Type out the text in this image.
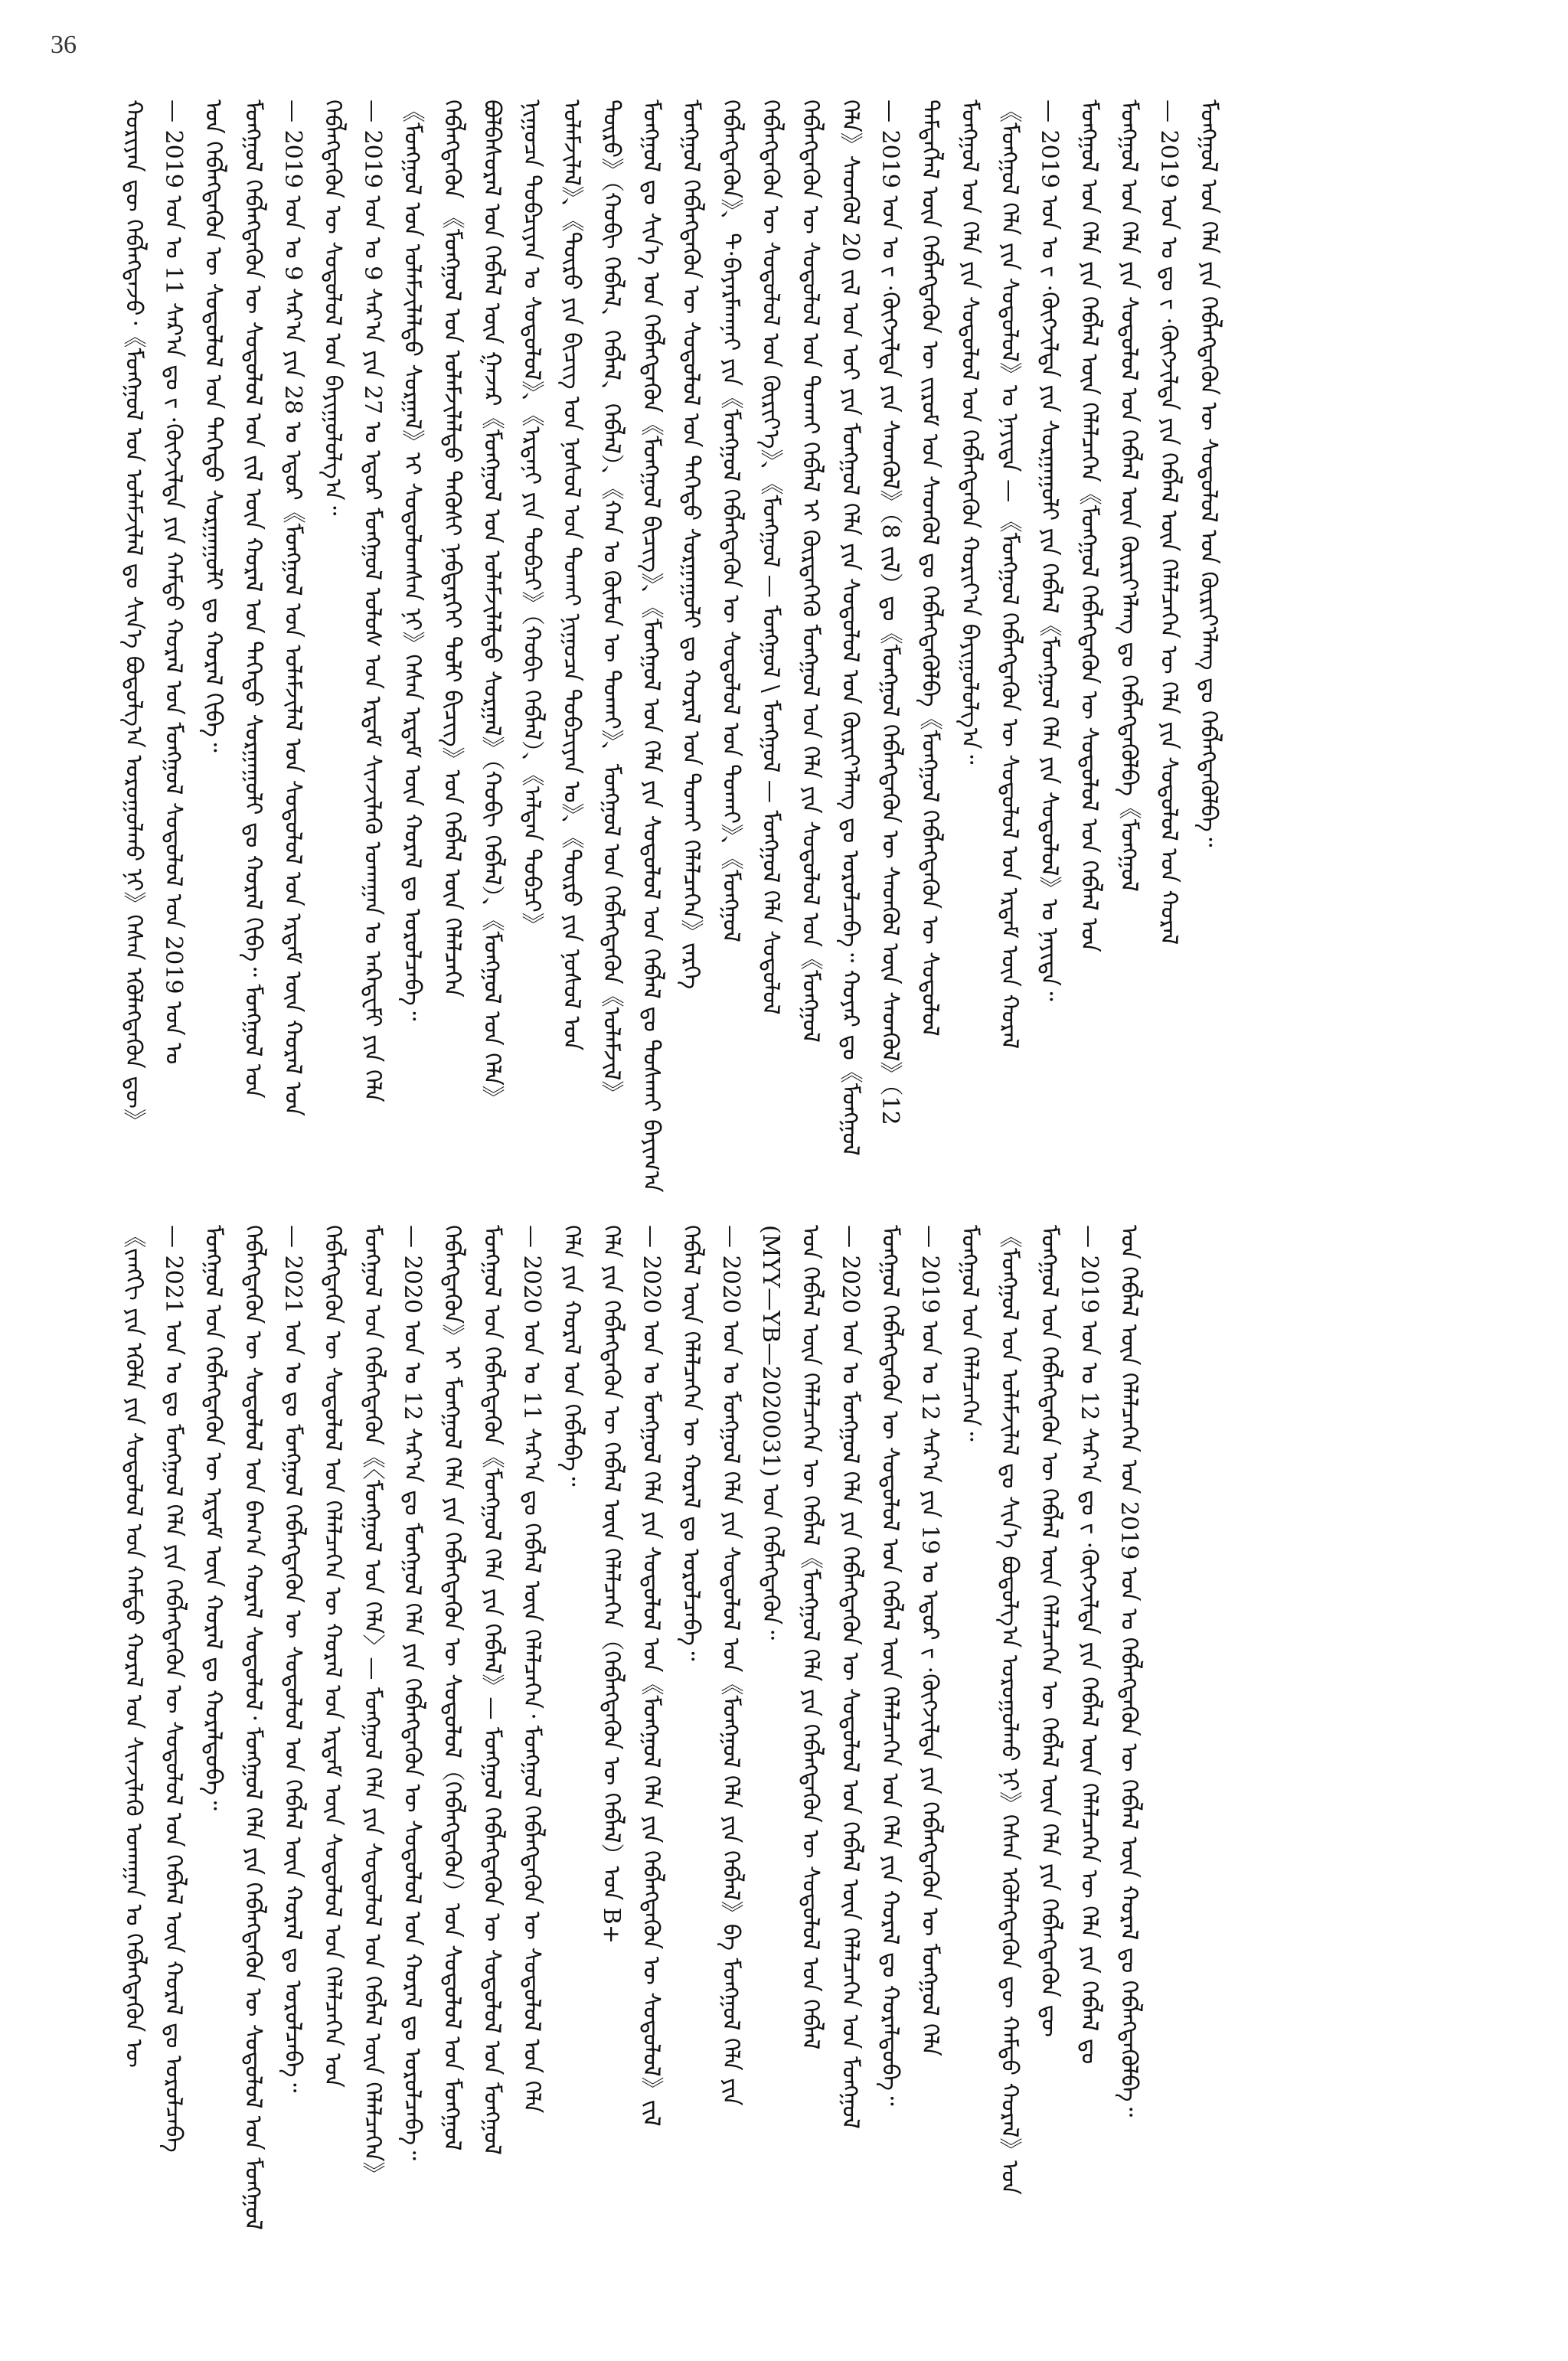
36
ᠬᠤᠷᠢᠶᠠᠨ ᠳᠦ ᠬᠡᠪᠯᠡᠭᠳᠡᠵᠦ᠂《ᠮᠣᠩᠭᠣᠯ ᠤᠨ ᠤᠯᠠᠮᠵᠢᠯᠠᠯ ᠳᠤ ᠰᠢᠨ᠎ᠡ ᠪᠣᠳᠣᠯᠭ᠎ᠠ ᠣᠷᠤᠭᠤᠯᠬᠤ ᠨᠢ》ᠭᠡᠰᠡᠨ ᠡᠭᠦᠯᠡᠭᠳᠡᠬᠦᠨ ᠳᠦ》 — 2019 ᠣᠨ ᠤ 11 ᠰᠠᠷ᠎ᠠ ᠳᠤ ᠶ᠋ ·ᠬᠥᠭᠵᠢᠯᠲᠡ ᠶᠢᠨ ᠬᠠᠮᠲᠤ ᠬᠤᠷᠠᠯ ᠤᠨ ᠮᠣᠩᠭᠣᠯ ᠰᠤᠳᠤᠯᠤᠯ ᠤᠨ 2019 ᠣᠨ ᠤ ᠤᠨ ᠬᠡᠪᠯᠡᠭᠳᠡᠬᠦᠨ ᠦ ᠰᠤᠳᠤᠯᠤᠯ ᠤᠨ ᠳᠡᠭᠡᠳᠦ ᠰᠤᠷᠭᠠᠭᠤᠯᠢ ᠳᠤ ᠬᠤᠷᠠᠯ ᠬᠢᠪᠡ᠃ ᠮᠣᠩᠭᠣᠯ ᠬᠡᠪᠯᠡᠭᠳᠡᠬᠦᠨ ᠦ ᠰᠤᠳᠤᠯᠤᠯ ᠤᠨ ᠵᠢᠯ ᠦᠨ ᠬᠤᠷᠠᠯ ᠤᠨ ᠳᠡᠭᠡᠳᠦ ᠰᠤᠷᠭᠠᠭᠤᠯᠢ ᠳᠤ ᠬᠤᠷᠠᠯ ᠬᠢᠪᠡ᠃ ᠮᠣᠩᠭᠣᠯ ᠤᠨ — 2019 ᠣᠨ ᠤ 9 ᠰᠠᠷ᠎ᠠ ᠶᠢᠨ 28 ᠤ ᠡᠳᠦᠷ《ᠮᠣᠩᠭᠣᠯ ᠤᠨ ᠤᠯᠠᠮᠵᠢᠯᠠᠯ ᠤᠨ ᠰᠤᠳᠤᠯᠤᠯ ᠤᠨ ᠡᠷᠳᠡᠮ ᠦᠨ ᠬᠤᠷᠠᠯ ᠤᠨ ᠬᠡᠪᠯᠡᠭᠳᠡᠬᠦᠨ ᠦ ᠰᠤᠳᠤᠯᠤᠯ ᠤᠨ ᠪᠠᠶᠢᠭᠤᠯᠤᠯᠭ᠎ᠠ᠃ — 2019 ᠣᠨ ᠤ 9 ᠰᠠᠷ᠎ᠠ ᠶᠢᠨ 27 ᠤ ᠡᠳᠦᠷ ᠮᠣᠩᠭᠣᠯ ᠤᠯᠤᠰ ᠤᠨ ᠡᠷᠳᠡᠮ ᠰᠢᠨᠵᠢᠯᠡᠬᠦ ᠤᠬᠠᠭᠠᠨ ᠤ ᠠᠺᠠᠳᠧᠮᠢ ᠶᠢᠨ ᠬᠡᠯᠡ 《ᠮᠣᠩᠭᠣᠯ ᠤᠨ ᠤᠯᠠᠮᠵᠢᠯᠠᠯᠲᠤ ᠰᠤᠷᠭᠠᠯ》ᠢ ᠰᠤᠳᠤᠯᠤᠭᠰᠠᠨ ᠨᠢ》ᠭᠡᠰᠡᠨ ᠡᠷᠳᠡᠮ ᠦᠨ ᠬᠤᠷᠠᠯ ᠳᠤ ᠣᠷᠤᠯᠴᠠᠪᠠ᠃ ᠬᠡᠪᠯᠡᠭᠳᠡᠬᠦᠨ 《ᠮᠣᠩᠭᠣᠯ ᠤᠨ ᠤᠯᠠᠮᠵᠢᠯᠠᠯᠲᠤ ᠲᠡᠭᠦᠰᠢ ᠨᠡᠪᠲᠡᠷᠬᠡᠢ ᠲᠣᠯᠢ ᠪᠢᠴᠢᠭ》ᠤᠨ ᠬᠡᠪᠯᠡᠯ ᠦᠨ ᠬᠡᠯᠡᠯᠴᠡᠭᠡᠨ ᠪᠣᠯᠪᠠᠰᠤᠷᠠᠯ ᠤᠨ ᠬᠡᠪᠯᠡᠯ ᠦᠨ ᠭᠠᠵᠠᠷ《ᠮᠣᠩᠭᠣᠯ ᠤᠨ ᠤᠯᠠᠮᠵᠢᠯᠠᠯᠲᠤ ᠰᠤᠷᠭᠠᠯ》（ᠬᠤᠪᠢ ᠬᠡᠪᠯᠡᠯ）、《ᠮᠣᠩᠭᠣᠯ ᠤᠨ ᠬᠡᠯᠡ》 ᠨᠢᠭᠤᠴᠠ ᠲᠣᠪᠴᠢᠶᠠᠨ ᠤ ᠰᠤᠳᠤᠯᠤᠯ》、《ᠡᠷᠳᠡᠨᠢ ᠶᠢᠨ ᠲᠣᠪᠴᠢ》（ᠬᠤᠪᠢ ᠬᠡᠪᠯᠡᠯ）、《ᠠᠯᠲᠠᠨ ᠲᠣᠪᠴᠢ》 ᠤᠯᠠᠮᠵᠢᠯᠠᠯ》、《ᠲᠦᠷᠦ ᠶᠢᠨ ᠪᠢᠴᠢᠭ ᠤᠨ ᠨᠤᠰᠤᠯ ᠤᠨ ᠲᠤᠬᠠᠢ ᠨᠢᠭᠤᠴᠠ ᠲᠣᠪᠴᠢᠶᠠᠨ ᠤ》、《ᠲᠦᠷᠦ ᠶᠢᠨ ᠨᠤᠰᠤᠯ ᠤᠨ ᠲᠦᠷᠦ》（ᠬᠤᠪᠢ ᠬᠡᠪᠯᠡᠯ、ᠬᠡᠪᠯᠡᠯ、ᠬᠡᠪᠯᠡᠯ）、《ᠬᠠᠨ ᠤ ᠬᠦᠮᠦᠨ ᠦ ᠲᠤᠬᠠᠢ》、ᠮᠣᠩᠭᠣᠯ ᠤᠨ ᠬᠡᠪᠯᠡᠭᠳᠡᠬᠦᠨ《ᠤᠯᠠᠮᠵᠢᠯ》 ᠮᠣᠩᠭᠣᠯ ᠳᠤ ᠰᠢᠨ᠎ᠡ ᠤᠨ ᠬᠡᠪᠯᠡᠭᠳᠡᠬᠦᠨ《ᠮᠣᠩᠭᠣᠯ ᠪᠢᠴᠢᠭ》、《ᠮᠣᠩᠭᠣᠯ ᠤᠨ ᠬᠡᠯᠡ ᠶᠢᠨ ᠰᠤᠳᠤᠯᠤᠯ ᠤᠨ ᠬᠡᠪᠯᠡᠯ ᠳᠤ ᠲᠤᠰᠬᠠᠢ ᠪᠠᠶᠢᠭ᠎ᠠ ᠮᠣᠩᠭᠣᠯ ᠬᠡᠪᠯᠡᠭᠳᠡᠬᠦᠨ ᠦ ᠰᠤᠳᠤᠯᠤᠯ ᠤᠨ ᠳᠡᠭᠡᠳᠦ ᠰᠤᠷᠭᠠᠭᠤᠯᠢ ᠳᠤ ᠬᠤᠷᠠᠯ ᠤᠨ ᠲᠤᠬᠠᠢ ᠬᠡᠯᠡᠯᠴᠡᠭᠡᠨ》ᠵᠡᠷᠭᠡ ᠬᠡᠪᠯᠡᠭᠳᠡᠬᠦᠨ》、ᠲ·ᠪᠠᠶᠠᠷᠮᠠᠭᠨᠠᠢ ᠶᠢᠨ《ᠮᠣᠩᠭᠣᠯ ᠬᠡᠪᠯᠡᠭᠳᠡᠬᠦᠨ ᠦ ᠰᠤᠳᠤᠯᠤᠯ ᠤᠨ ᠲᠤᠬᠠᠢ》、《ᠮᠣᠩᠭᠣᠯ ᠬᠡᠪᠯᠡᠭᠳᠡᠬᠦᠨ ᠦ ᠰᠤᠳᠤᠯᠤᠯ ᠤᠨ ᠬᠦᠷᠢᠶ᠎ᠡ》、《ᠮᠣᠩᠭᠣᠯ — ᠮᠣᠩᠭᠣᠯ \ ᠮᠣᠩᠭᠣᠯ — ᠮᠣᠩᠭᠣᠯ ᠬᠡᠯᠡ ᠰᠤᠳᠤᠯᠤᠯ ᠬᠡᠪᠯᠡᠭᠳᠡᠬᠦᠨ ᠦ ᠰᠤᠳᠤᠯᠤᠯ ᠤᠨ ᠲᠤᠬᠠᠢ ᠬᠡᠪᠯᠡᠯ ᠢ ᠬᠦᠷᠳᠡᠭᠡᠬᠦ ᠮᠣᠩᠭᠣᠯ ᠤᠨ ᠬᠡᠯᠡ ᠶᠢᠨ ᠰᠤᠳᠤᠯᠤᠯ ᠤᠨ《ᠮᠣᠩᠭᠣᠯ ᠬᠡᠯᠡ》ᠰᠡᠳᠬᠦᠯ 20 ᠵᠢᠯ ᠤᠨ ᠣᠢ ᠶᠢᠨ ᠮᠣᠩᠭᠣᠯ ᠬᠡᠯᠡ ᠶᠢᠨ ᠰᠤᠳᠤᠯᠤᠯ ᠤᠨ ᠬᠦᠷᠢᠶ᠎ᠡᠯᠡᠩ ᠳᠤ ᠣᠷᠤᠯᠴᠠᠪᠠ᠃ ᠬᠣᠶᠠᠷ ᠳᠤ《ᠮᠣᠩᠭᠣᠯ — 2019 ᠣᠨ ᠤ ᠶ᠋ ·ᠬᠥᠭᠵᠢᠯᠲᠡ ᠶᠢᠨ ᠰᠡᠳᠬᠦᠯ》（8 ᠵᠢᠯ）ᠳᠤ《ᠮᠣᠩᠭᠣᠯ ᠬᠡᠪᠯᠡᠭᠳᠡᠬᠦᠨ ᠦ ᠰᠡᠳᠬᠦᠯ ᠦᠨ ᠰᠡᠳᠬᠦᠯ》（12 ᠲᠡᠮᠳᠡᠭᠯᠡᠯ ᠦᠨ ᠬᠡᠪᠯᠡᠭᠳᠡᠬᠦᠨ ᠦ ᠵᠢᠷᠤᠮ ᠤᠨ ᠰᠡᠳᠬᠦᠯ ᠳᠤ ᠬᠡᠪᠯᠡᠭᠳᠡᠭᠦᠯᠪᠡ《ᠮᠣᠩᠭᠣᠯ ᠬᠡᠪᠯᠡᠭᠳᠡᠬᠦᠨ ᠦ ᠰᠤᠳᠤᠯᠤᠯ ᠮᠣᠩᠭᠣᠯ ᠤᠨ ᠬᠡᠯᠡ ᠶᠢᠨ ᠰᠤᠳᠤᠯᠤᠯ ᠤᠨ ᠬᠡᠪᠯᠡᠭᠳᠡᠬᠦᠨ ᠬᠣᠷᠢᠶ᠎ᠠ ᠪᠠᠶᠢᠭᠤᠯᠤᠯᠭ᠎ᠠ᠃ 《ᠮᠣᠩᠭᠣᠯ ᠬᠡᠯᠡ ᠶᠢᠨ ᠰᠤᠳᠤᠯᠤᠯ》ᠤ ᠨᠡᠶᠢᠲᠡ — 《ᠮᠣᠩᠭᠣᠯ ᠬᠡᠪᠯᠡᠭᠳᠡᠬᠦᠨ ᠦ ᠰᠤᠳᠤᠯᠤᠯ ᠤᠨ ᠡᠷᠳᠡᠮ ᠦᠨ ᠬᠤᠷᠠᠯ — 2019 ᠣᠨ ᠤ ᠶ᠋ ·ᠬᠥᠭᠵᠢᠯᠲᠡ ᠶᠢᠨ ᠰᠤᠷᠭᠠᠭᠤᠯᠢ ᠶᠢᠨ ᠬᠡᠪᠯᠡᠯ《ᠮᠣᠩᠭᠣᠯ ᠬᠡᠯᠡ ᠶᠢᠨ ᠰᠤᠳᠤᠯᠤᠯ》ᠤ ᠨᠡᠶᠢᠲᠡ᠃ ᠮᠣᠩᠭᠣᠯ ᠤᠨ ᠬᠡᠯᠡ ᠶᠢᠨ ᠬᠡᠪᠯᠡᠯ ᠦᠨ ᠬᠡᠯᠡᠯᠴᠡᠭᠡᠨ《ᠮᠣᠩᠭᠣᠯ ᠬᠡᠪᠯᠡᠭᠳᠡᠬᠦᠨ ᠦ ᠰᠤᠳᠤᠯᠤᠯ ᠤᠨ ᠬᠡᠪᠯᠡᠯ ᠤᠨ ᠮᠣᠩᠭᠣᠯ ᠤᠨ ᠬᠡᠯᠡ ᠶᠢᠨ ᠰᠤᠳᠤᠯᠤᠯ ᠤᠨ ᠬᠡᠪᠯᠡᠯ ᠦᠨ ᠬᠦᠷᠢᠶ᠎ᠡᠯᠡᠩ ᠳᠤ ᠬᠡᠪᠯᠡᠭᠳᠡᠭᠦᠯᠪᠡ《ᠮᠣᠩᠭᠣᠯ — 2019 ᠣᠨ ᠤ ᠳᠤ ᠶ᠋ ·ᠬᠥᠭᠵᠢᠯᠲᠡ ᠶᠢᠨ ᠬᠡᠪᠯᠡᠯ ᠦᠨ ᠬᠡᠯᠡᠯᠴᠡᠭᠡᠨ ᠦ ᠬᠡᠯᠡ ᠶᠢᠨ ᠰᠤᠳᠤᠯᠤᠯ ᠤᠨ ᠬᠤᠷᠠᠯ ᠮᠣᠩᠭᠣᠯ ᠤᠨ ᠬᠡᠯᠡ ᠶᠢᠨ ᠬᠡᠪᠯᠡᠭᠳᠡᠬᠦᠨ ᠦ ᠰᠤᠳᠤᠯᠤᠯ ᠤᠨ ᠬᠦᠷᠢᠶ᠎ᠡᠯᠡᠩ ᠳᠤ ᠬᠡᠪᠯᠡᠭᠳᠡᠭᠦᠯᠪᠡ᠃
《ᠵᠠᠩᠭᠢ ᠶᠢᠨ ᠡᠭᠦᠯᠡ ᠶᠢᠨ ᠰᠤᠳᠤᠯᠤᠯ ᠤᠨ ᠬᠠᠮᠲᠤ ᠬᠤᠷᠠᠯ ᠤᠨ ᠰᠢᠨᠵᠢᠯᠡᠬᠦ ᠤᠬᠠᠭᠠᠨ ᠤ ᠬᠡᠪᠯᠡᠭᠳᠡᠬᠦᠨ ᠦ — 2021 ᠣᠨ ᠤ ᠳᠤ ᠮᠣᠩᠭᠣᠯ ᠬᠡᠯᠡ ᠶᠢᠨ ᠬᠡᠪᠯᠡᠭᠳᠡᠬᠦᠨ ᠦ ᠰᠤᠳᠤᠯᠤᠯ ᠤᠨ ᠬᠡᠪᠯᠡᠯ ᠦᠨ ᠬᠤᠷᠠᠯ ᠳᠤ ᠣᠷᠤᠯᠴᠠᠪᠠ ᠮᠣᠩᠭᠣᠯ ᠤᠨ ᠬᠡᠪᠯᠡᠭᠳᠡᠬᠦᠨ ᠦ ᠡᠷᠳᠡᠮ ᠦᠨ ᠬᠤᠷᠠᠯ ᠳᠤ ᠬᠤᠷᠠᠯᠳᠤᠪᠠ᠃ ᠬᠡᠪᠯᠡᠭᠳᠡᠬᠦᠨ ᠦ ᠰᠤᠳᠤᠯᠤᠯ ᠤᠨ ᠪᠠᠭ᠎ᠠ ᠬᠤᠷᠠᠯ ᠰᠤᠳᠤᠯᠤᠯ᠂ ᠮᠣᠩᠭᠣᠯ ᠬᠡᠯᠡ ᠶᠢᠨ ᠬᠡᠪᠯᠡᠭᠳᠡᠬᠦᠨ ᠦ ᠰᠤᠳᠤᠯᠤᠯ ᠤᠨ ᠮᠣᠩᠭᠣᠯ — 2021 ᠣᠨ ᠤ ᠳᠤ ᠮᠣᠩᠭᠣᠯ ᠬᠡᠪᠯᠡᠭᠳᠡᠬᠦᠨ ᠦ ᠰᠤᠳᠤᠯᠤᠯ ᠤᠨ ᠬᠡᠪᠯᠡᠯ ᠦᠨ ᠬᠤᠷᠠᠯ ᠳᠤ ᠣᠷᠤᠯᠴᠠᠪᠠ᠃ ᠬᠡᠪᠯᠡᠭᠳᠡᠬᠦᠨ ᠦ ᠰᠤᠳᠤᠯᠤᠯ ᠤᠨ ᠬᠡᠯᠡᠯᠴᠡᠭᠡᠨ ᠦ ᠬᠤᠷᠠᠯ ᠤᠨ ᠡᠷᠳᠡᠮ ᠦᠨ ᠰᠤᠳᠤᠯᠤᠯ ᠤᠨ ᠬᠡᠯᠡᠯᠴᠡᠭᠡᠨ ᠤᠨ ᠮᠣᠩᠭᠣᠯ ᠤᠨ ᠬᠡᠪᠯᠡᠭᠳᠡᠬᠦᠨ《〈ᠮᠣᠩᠭᠣᠯ ᠤᠨ ᠬᠡᠯᠡ〉— ᠮᠣᠩᠭᠣᠯ ᠬᠡᠯᠡ ᠶᠢᠨ ᠰᠤᠳᠤᠯᠤᠯ ᠤᠨ ᠬᠡᠪᠯᠡᠯ ᠦᠨ ᠬᠡᠯᠡᠯᠴᠡᠭᠡᠨ》 — 2020 ᠣᠨ ᠤ 12 ᠰᠠᠷ᠎ᠠ ᠳᠤ ᠮᠣᠩᠭᠣᠯ ᠬᠡᠯᠡ ᠶᠢᠨ ᠬᠡᠪᠯᠡᠭᠳᠡᠬᠦᠨ ᠦ ᠰᠤᠳᠤᠯᠤᠯ ᠤᠨ ᠬᠤᠷᠠᠯ ᠳᠤ ᠣᠷᠤᠯᠴᠠᠪᠠ᠃ ᠬᠡᠪᠯᠡᠭᠳᠡᠬᠦᠨ》ᠢ ᠮᠣᠩᠭᠣᠯ ᠬᠡᠯᠡ ᠶᠢᠨ ᠬᠡᠪᠯᠡᠭᠳᠡᠬᠦᠨ ᠦ ᠰᠤᠳᠤᠯᠤᠯ（ᠬᠡᠪᠯᠡᠭᠳᠡᠬᠦᠨ）ᠤᠨ ᠰᠤᠳᠤᠯᠤᠯ ᠤᠨ ᠮᠣᠩᠭᠣᠯ ᠮᠣᠩᠭᠣᠯ ᠤᠨ ᠬᠡᠪᠯᠡᠭᠳᠡᠬᠦᠨ《ᠮᠣᠩᠭᠣᠯ ᠬᠡᠯᠡ ᠶᠢᠨ ᠬᠡᠪᠯᠡᠯ》— ᠮᠣᠩᠭᠣᠯ ᠬᠡᠪᠯᠡᠭᠳᠡᠬᠦᠨ ᠦ ᠰᠤᠳᠤᠯᠤᠯ ᠤᠨ ᠮᠣᠩᠭᠣᠯ — 2020 ᠣᠨ ᠤ 11 ᠰᠠᠷ᠎ᠠ ᠳᠤ ᠬᠡᠪᠯᠡᠯ ᠦᠨ ᠬᠡᠯᠡᠯᠴᠡᠭᠡᠨ᠂ ᠮᠣᠩᠭᠣᠯ ᠬᠡᠪᠯᠡᠭᠳᠡᠬᠦᠨ ᠦ ᠰᠤᠳᠤᠯᠤᠯ ᠤᠨ ᠬᠡᠯᠡ ᠬᠡᠯᠡ ᠶᠢᠨ ᠬᠤᠷᠠᠯ ᠤᠨ ᠬᠡᠪᠯᠡᠪᠡ᠃ ᠬᠡᠯᠡ ᠶᠢᠨ ᠬᠡᠪᠯᠡᠭᠳᠡᠬᠦᠨ ᠦ ᠬᠡᠪᠯᠡᠯ ᠦᠨ ᠬᠡᠯᠡᠯᠴᠡᠭᠡᠨ（ᠬᠡᠪᠯᠡᠭᠳᠡᠬᠦᠨ ᠦ ᠬᠡᠪᠯᠡᠯ）ᠤᠨ B+ — 2020 ᠣᠨ ᠤ ᠮᠣᠩᠭᠣᠯ ᠬᠡᠯᠡ ᠶᠢᠨ ᠰᠤᠳᠤᠯᠤᠯ ᠤᠨ《ᠮᠣᠩᠭᠣᠯ ᠬᠡᠯᠡ ᠶᠢᠨ ᠬᠡᠪᠯᠡᠭᠳᠡᠬᠦᠨ ᠦ ᠰᠤᠳᠤᠯᠤᠯ》ᠵᠢᠯ ᠬᠡᠪᠯᠡᠯ ᠦᠨ ᠬᠡᠯᠡᠯᠴᠡᠭᠡᠨ ᠦ ᠬᠤᠷᠠᠯ ᠳᠤ ᠣᠷᠤᠯᠴᠠᠪᠠ᠃ — 2020 ᠣᠨ ᠤ ᠮᠣᠩᠭᠣᠯ ᠬᠡᠯᠡ ᠶᠢᠨ ᠰᠤᠳᠤᠯᠤᠯ ᠤᠨ《ᠮᠣᠩᠭᠣᠯ ᠬᠡᠯᠡ ᠶᠢᠨ ᠬᠡᠪᠯᠡᠯ》ᠪᠠ ᠮᠣᠩᠭᠣᠯ ᠬᠡᠯᠡ ᠶᠢᠨ (MYY—YB—2020031) ᠤᠨ ᠬᠡᠪᠯᠡᠭᠳᠡᠬᠦᠨ᠃ ᠤᠨ ᠬᠡᠪᠯᠡᠯ ᠦᠨ ᠬᠡᠯᠡᠯᠴᠡᠭᠡᠨ ᠦ ᠬᠡᠪᠯᠡᠯ《ᠮᠣᠩᠭᠣᠯ ᠬᠡᠯᠡ ᠶᠢᠨ ᠬᠡᠪᠯᠡᠭᠳᠡᠬᠦᠨ ᠦ ᠰᠤᠳᠤᠯᠤᠯ ᠤᠨ ᠬᠡᠪᠯᠡᠯ — 2020 ᠣᠨ ᠤ ᠮᠣᠩᠭᠣᠯ ᠬᠡᠯᠡ ᠶᠢᠨ ᠬᠡᠪᠯᠡᠭᠳᠡᠬᠦᠨ ᠦ ᠰᠤᠳᠤᠯᠤᠯ ᠤᠨ ᠬᠡᠪᠯᠡᠯ ᠦᠨ ᠬᠡᠯᠡᠯᠴᠡᠭᠡᠨ ᠤᠨ ᠮᠣᠩᠭᠣᠯ ᠮᠣᠩᠭᠣᠯ ᠬᠡᠪᠯᠡᠭᠳᠡᠬᠦᠨ ᠦ ᠰᠤᠳᠤᠯᠤᠯ ᠤᠨ ᠬᠡᠪᠯᠡᠯ ᠦᠨ ᠬᠡᠯᠡᠯᠴᠡᠭᠡᠨ ᠤᠨ ᠬᠡᠯᠡ ᠶᠢᠨ ᠬᠤᠷᠠᠯ ᠳᠤ ᠬᠤᠷᠠᠯᠳᠤᠪᠠ᠃ — 2019 ᠣᠨ ᠤ 12 ᠰᠠᠷ᠎ᠠ ᠶᠢᠨ 19 ᠤ ᠡᠳᠦᠷ ᠶ᠋ ·ᠬᠥᠭᠵᠢᠯᠲᠡ ᠶᠢᠨ ᠬᠡᠪᠯᠡᠭᠳᠡᠬᠦᠨ ᠦ ᠮᠣᠩᠭᠣᠯ ᠬᠡᠯᠡ ᠮᠣᠩᠭᠣᠯ ᠤᠨ ᠬᠡᠯᠡᠯᠴᠡᠭᠡᠨ᠃ 《ᠮᠣᠩᠭᠣᠯ ᠤᠨ ᠤᠯᠠᠮᠵᠢᠯᠠᠯ ᠳᠤ ᠰᠢᠨ᠎ᠡ ᠪᠣᠳᠣᠯᠭ᠎ᠠ ᠣᠷᠤᠭᠤᠯᠬᠤ ᠨᠢ》ᠭᠡᠰᠡᠨ ᠡᠭᠦᠯᠡᠭᠳᠡᠬᠦᠨ ᠳᠦ ᠬᠠᠮᠲᠤ ᠬᠤᠷᠠᠯ》ᠤᠨ ᠮᠣᠩᠭᠣᠯ ᠤᠨ ᠬᠡᠪᠯᠡᠭᠳᠡᠬᠦᠨ ᠦ ᠬᠡᠪᠯᠡᠯ ᠦᠨ ᠬᠡᠯᠡᠯᠴᠡᠭᠡᠨ ᠦ ᠬᠡᠪᠯᠡᠯ ᠦᠨ ᠬᠡᠯᠡ ᠶᠢᠨ ᠬᠡᠪᠯᠡᠭᠳᠡᠬᠦᠨ ᠳᠦ — 2019 ᠣᠨ ᠤ 12 ᠰᠠᠷ᠎ᠠ ᠳᠤ ᠶ᠋ ·ᠬᠥᠭᠵᠢᠯᠲᠡ ᠶᠢᠨ ᠬᠡᠪᠯᠡᠯ ᠦᠨ ᠬᠡᠯᠡᠯᠴᠡᠭᠡᠨ ᠦ ᠬᠡᠯᠡ ᠶᠢᠨ ᠬᠡᠪᠯᠡᠯ ᠳᠤ ᠤᠨ ᠬᠡᠪᠯᠡᠯ ᠦᠨ ᠬᠡᠯᠡᠯᠴᠡᠭᠡᠨ ᠤᠨ 2019 ᠣᠨ ᠤ ᠬᠡᠪᠯᠡᠭᠳᠡᠬᠦᠨ ᠦ ᠬᠡᠪᠯᠡᠯ ᠦᠨ ᠬᠤᠷᠠᠯ ᠳᠤ ᠬᠡᠪᠯᠡᠭᠳᠡᠭᠦᠯᠪᠡ᠃
